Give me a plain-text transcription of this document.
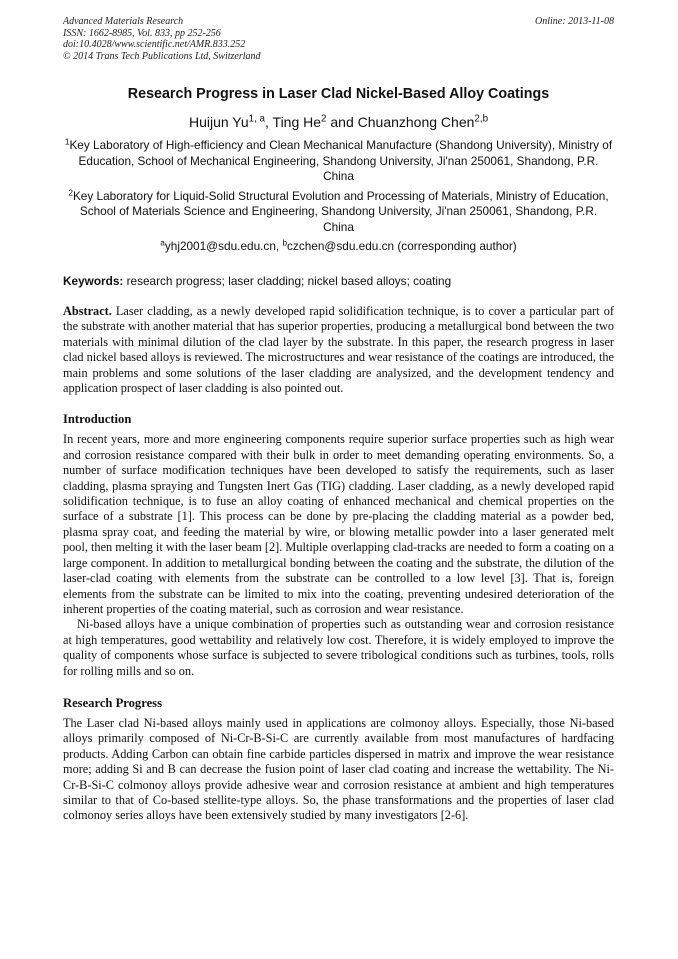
Advanced Materials Research
ISSN: 1662-8985, Vol. 833, pp 252-256
doi:10.4028/www.scientific.net/AMR.833.252
© 2014 Trans Tech Publications Ltd, Switzerland
Online: 2013-11-08
Research Progress in Laser Clad Nickel-Based Alloy Coatings
Huijun Yu$^{1, a}$, Ting He$^2$ and Chuanzhong Chen$^{2,b}$
$^1$Key Laboratory of High-efficiency and Clean Mechanical Manufacture (Shandong University), Ministry of Education, School of Mechanical Engineering, Shandong University, Ji'nan 250061, Shandong, P.R. China
$^2$Key Laboratory for Liquid-Solid Structural Evolution and Processing of Materials, Ministry of Education, School of Materials Science and Engineering, Shandong University, Ji'nan 250061, Shandong, P.R. China
$^a$yhj2001@sdu.edu.cn, $^b$czchen@sdu.edu.cn (corresponding author)
Keywords: research progress; laser cladding; nickel based alloys; coating

Abstract. Laser cladding, as a newly developed rapid solidification technique, is to cover a particular part of the substrate with another material that has superior properties, producing a metallurgical bond between the two materials with minimal dilution of the clad layer by the substrate. In this paper, the research progress in laser clad nickel based alloys is reviewed. The microstructures and wear resistance of the coatings are introduced, the main problems and some solutions of the laser cladding are analysized, and the development tendency and application prospect of laser cladding is also pointed out.

Introduction

In recent years, more and more engineering components require superior surface properties such as high wear and corrosion resistance compared with their bulk in order to meet demanding operating environments. So, a number of surface modification techniques have been developed to satisfy the requirements, such as laser cladding, plasma spraying and Tungsten Inert Gas (TIG) cladding. Laser cladding, as a newly developed rapid solidification technique, is to fuse an alloy coating of enhanced mechanical and chemical properties on the surface of a substrate [1]. This process can be done by pre-placing the cladding material as a powder bed, plasma spray coat, and feeding the material by wire, or blowing metallic powder into a laser generated melt pool, then melting it with the laser beam [2]. Multiple overlapping clad-tracks are needed to form a coating on a large component. In addition to metallurgical bonding between the coating and the substrate, the dilution of the laser-clad coating with elements from the substrate can be controlled to a low level [3]. That is, foreign elements from the substrate can be limited to mix into the coating, preventing undesired deterioration of the inherent properties of the coating material, such as corrosion and wear resistance.

Ni-based alloys have a unique combination of properties such as outstanding wear and corrosion resistance at high temperatures, good wettability and relatively low cost. Therefore, it is widely employed to improve the quality of components whose surface is subjected to severe tribological conditions such as turbines, tools, rolls for rolling mills and so on.

Research Progress

The Laser clad Ni-based alloys mainly used in applications are colmonoy alloys. Especially, those Ni-based alloys primarily composed of Ni-Cr-B-Si-C are currently available from most manufactures of hardfacing products. Adding Carbon can obtain fine carbide particles dispersed in matrix and improve the wear resistance more; adding Si and B can decrease the fusion point of laser clad coating and increase the wettability. The Ni-Cr-B-Si-C colmonoy alloys provide adhesive wear and corrosion resistance at ambient and high temperatures similar to that of Co-based stellite-type alloys. So, the phase transformations and the properties of laser clad colmonoy series alloys have been extensively studied by many investigators [2-6].
